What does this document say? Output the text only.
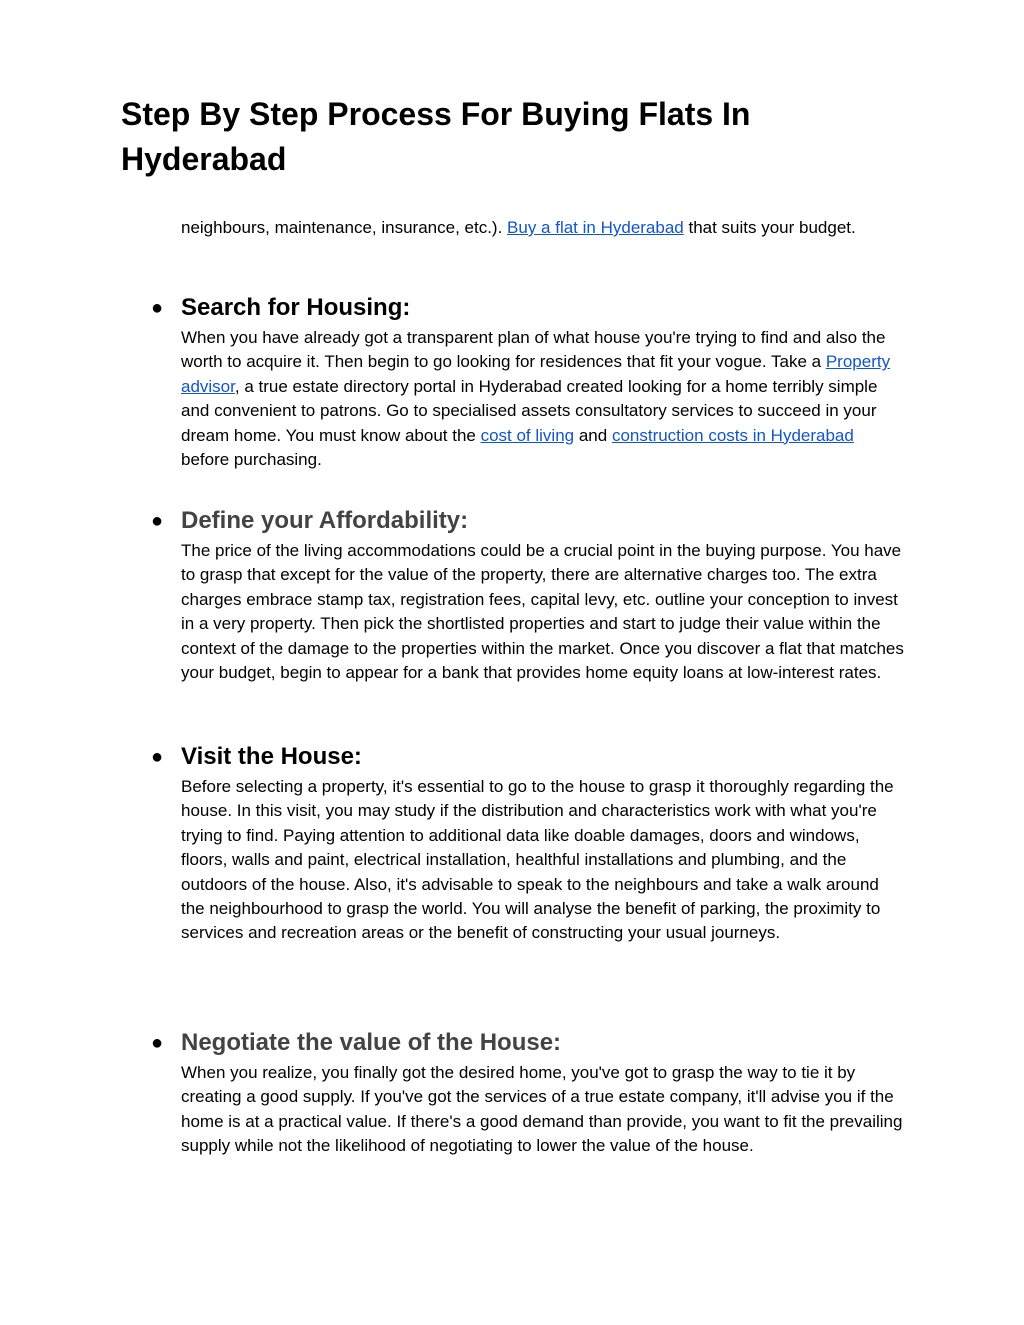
Step By Step Process For Buying Flats In Hyderabad

neighbours, maintenance, insurance, etc.). Buy a flat in Hyderabad that suits your budget.

● Search for Housing:

When you have already got a transparent plan of what house you're trying to find and also the worth to acquire it. Then begin to go looking for residences that fit your vogue. Take a Property advisor, a true estate directory portal in Hyderabad created looking for a home terribly simple and convenient to patrons. Go to specialised assets consultatory services to succeed in your dream home. You must know about the cost of living and construction costs in Hyderabad before purchasing.

● Define your Affordability:

The price of the living accommodations could be a crucial point in the buying purpose. You have to grasp that except for the value of the property, there are alternative charges too. The extra charges embrace stamp tax, registration fees, capital levy, etc. outline your conception to invest in a very property. Then pick the shortlisted properties and start to judge their value within the context of the damage to the properties within the market. Once you discover a flat that matches your budget, begin to appear for a bank that provides home equity loans at low-interest rates.

● Visit the House:

Before selecting a property, it's essential to go to the house to grasp it thoroughly regarding the house. In this visit, you may study if the distribution and characteristics work with what you're trying to find. Paying attention to additional data like doable damages, doors and windows, floors, walls and paint, electrical installation, healthful installations and plumbing, and the outdoors of the house. Also, it's advisable to speak to the neighbours and take a walk around the neighbourhood to grasp the world. You will analyse the benefit of parking, the proximity to services and recreation areas or the benefit of constructing your usual journeys.

● Negotiate the value of the House:

When you realize, you finally got the desired home, you've got to grasp the way to tie it by creating a good supply. If you've got the services of a true estate company, it'll advise you if the home is at a practical value. If there's a good demand than provide, you want to fit the prevailing supply while not the likelihood of negotiating to lower the value of the house.
